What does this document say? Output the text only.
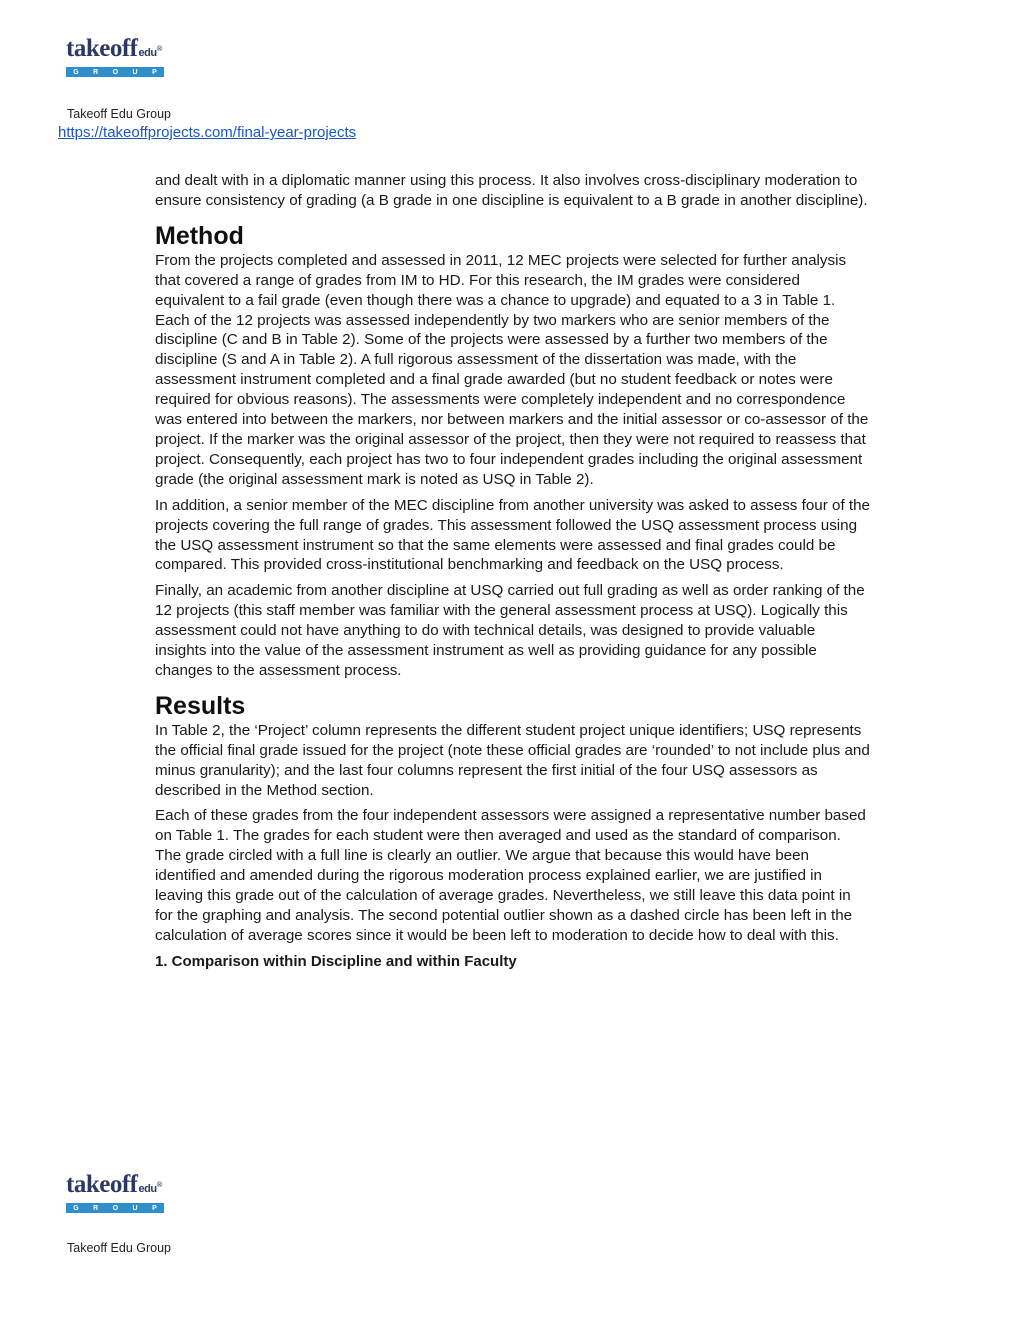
takeoffedu®
G R O U P
Takeoff Edu Group
https://takeoffprojects.com/final-year-projects

and dealt with in a diplomatic manner using this process. It also involves cross-disciplinary moderation to ensure consistency of grading (a B grade in one discipline is equivalent to a B grade in another discipline).

Method

From the projects completed and assessed in 2011, 12 MEC projects were selected for further analysis that covered a range of grades from IM to HD. For this research, the IM grades were considered equivalent to a fail grade (even though there was a chance to upgrade) and equated to a 3 in Table 1. Each of the 12 projects was assessed independently by two markers who are senior members of the discipline (C and B in Table 2). Some of the projects were assessed by a further two members of the discipline (S and A in Table 2). A full rigorous assessment of the dissertation was made, with the assessment instrument completed and a final grade awarded (but no student feedback or notes were required for obvious reasons). The assessments were completely independent and no correspondence was entered into between the markers, nor between markers and the initial assessor or co-assessor of the project. If the marker was the original assessor of the project, then they were not required to reassess that project. Consequently, each project has two to four independent grades including the original assessment grade (the original assessment mark is noted as USQ in Table 2).

In addition, a senior member of the MEC discipline from another university was asked to assess four of the projects covering the full range of grades. This assessment followed the USQ assessment process using the USQ assessment instrument so that the same elements were assessed and final grades could be compared. This provided cross-institutional benchmarking and feedback on the USQ process.

Finally, an academic from another discipline at USQ carried out full grading as well as order ranking of the 12 projects (this staff member was familiar with the general assessment process at USQ). Logically this assessment could not have anything to do with technical details, was designed to provide valuable insights into the value of the assessment instrument as well as providing guidance for any possible changes to the assessment process.

Results

In Table 2, the ‘Project’ column represents the different student project unique identifiers; USQ represents the official final grade issued for the project (note these official grades are ‘rounded’ to not include plus and minus granularity); and the last four columns represent the first initial of the four USQ assessors as described in the Method section.

Each of these grades from the four independent assessors were assigned a representative number based on Table 1. The grades for each student were then averaged and used as the standard of comparison. The grade circled with a full line is clearly an outlier. We argue that because this would have been identified and amended during the rigorous moderation process explained earlier, we are justified in leaving this grade out of the calculation of average grades. Nevertheless, we still leave this data point in for the graphing and analysis. The second potential outlier shown as a dashed circle has been left in the calculation of average scores since it would be been left to moderation to decide how to deal with this.

1. Comparison within Discipline and within Faculty
takeoffedu®
G R O U P
Takeoff Edu Group
